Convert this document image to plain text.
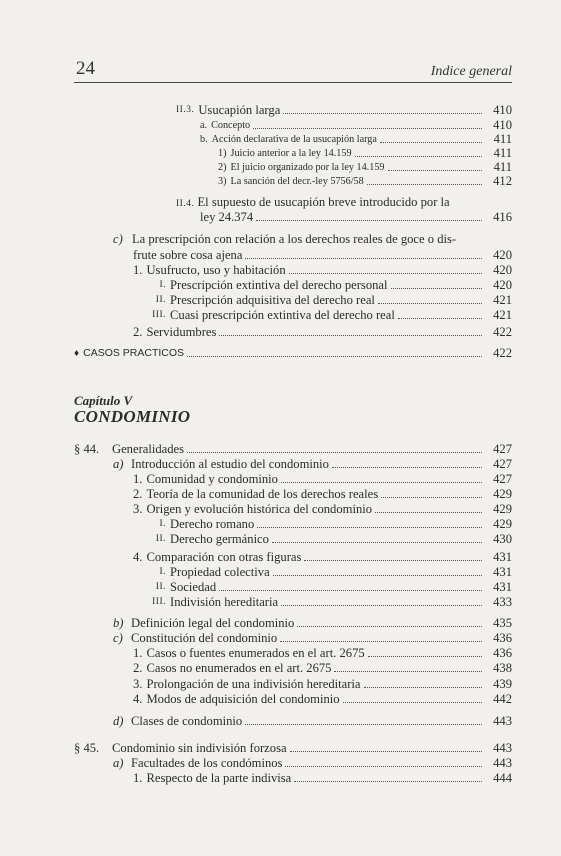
24	Indice general
II.3. Usucapión larga	410
a. Concepto	410
b. Acción declarativa de la usucapión larga	411
1) Juicio anterior a la ley 14.159	411
2) El juicio organizado por la ley 14.159	411
3) La sanción del decr.-ley 5756/58	412
II.4. El supuesto de usucapión breve introducido por la
ley 24.374	416
c) La prescripción con relación a los derechos reales de goce o dis-
frute sobre cosa ajena	420
1. Usufructo, uso y habitación	420
I. Prescripción extintiva del derecho personal	420
II. Prescripción adquisitiva del derecho real	421
III. Cuasi prescripción extintiva del derecho real	421
2. Servidumbres	422
♦ CASOS PRACTICOS	422
Capítulo V
CONDOMINIO
§ 44.	Generalidades	427
a) Introducción al estudio del condominio	427
1. Comunidad y condominio	427
2. Teoría de la comunidad de los derechos reales	429
3. Origen y evolución histórica del condominio	429
I. Derecho romano	429
II. Derecho germánico	430
4. Comparación con otras figuras	431
I. Propiedad colectiva	431
II. Sociedad	431
III. Indivisión hereditaria	433
b) Definición legal del condominio	435
c) Constitución del condominio	436
1. Casos o fuentes enumerados en el art. 2675	436
2. Casos no enumerados en el art. 2675	438
3. Prolongación de una indivisión hereditaria	439
4. Modos de adquisición del condominio	442
d) Clases de condominio	443
§ 45.	Condominio sin indivisión forzosa	443
a) Facultades de los condóminos	443
1. Respecto de la parte indivisa	444
